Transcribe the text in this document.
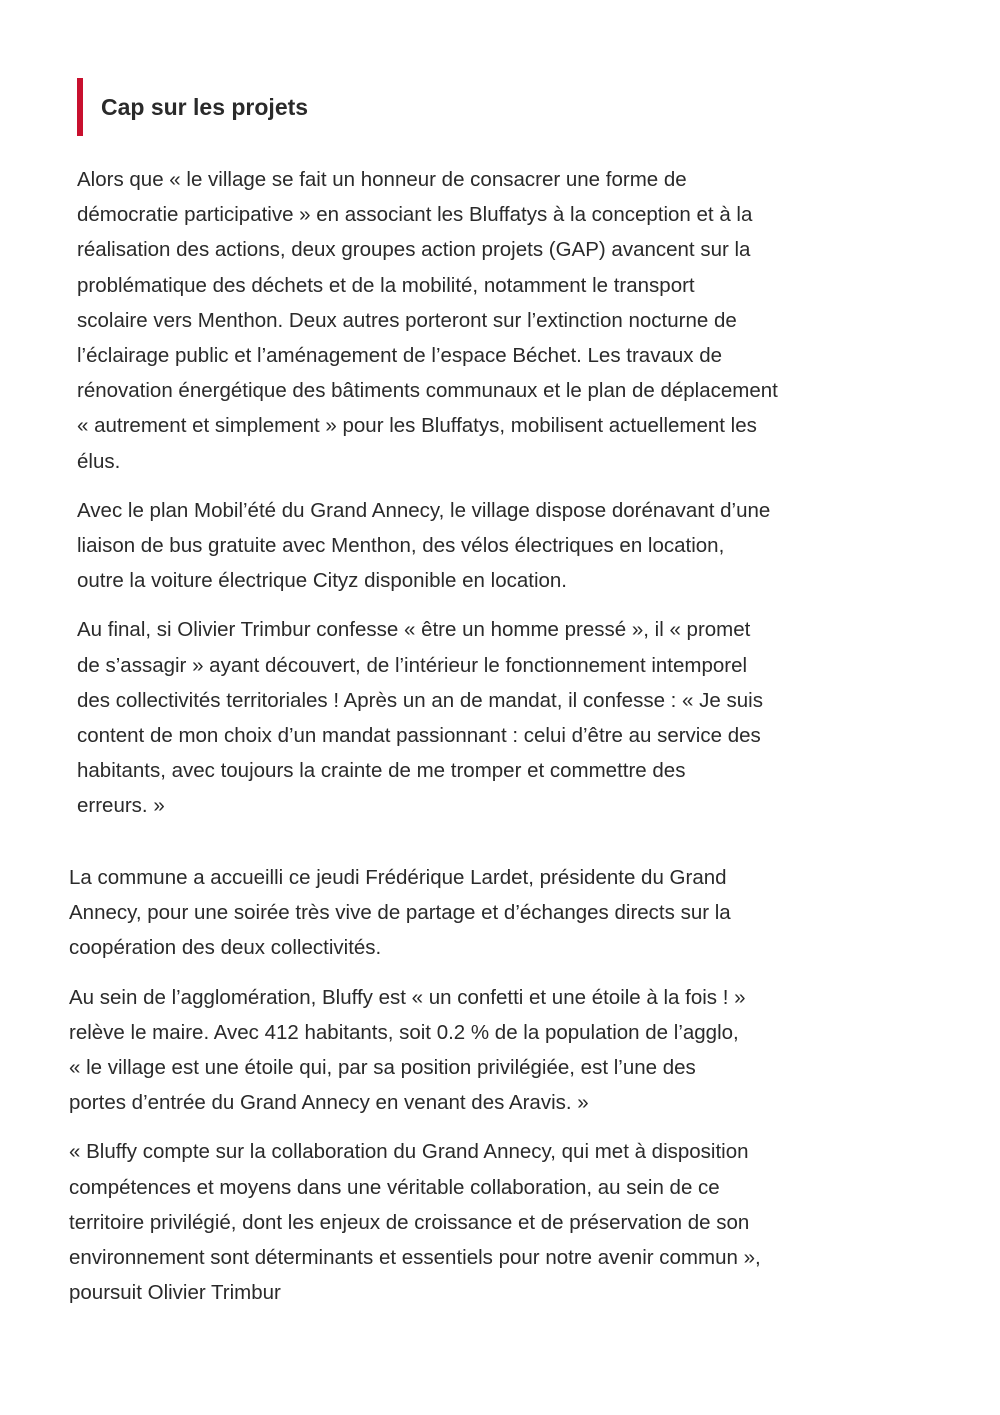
Cap sur les projets

Alors que « le village se fait un honneur de consacrer une forme de
démocratie participative » en associant les Bluffatys à la conception et à la
réalisation des actions, deux groupes action projets (GAP) avancent sur la
problématique des déchets et de la mobilité, notamment le transport
scolaire vers Menthon. Deux autres porteront sur l’extinction nocturne de
l’éclairage public et l’aménagement de l’espace Béchet. Les travaux de
rénovation énergétique des bâtiments communaux et le plan de déplacement
« autrement et simplement » pour les Bluffatys, mobilisent actuellement les
élus.

Avec le plan Mobil’été du Grand Annecy, le village dispose dorénavant d’une
liaison de bus gratuite avec Menthon, des vélos électriques en location,
outre la voiture électrique Cityz disponible en location.

Au final, si Olivier Trimbur confesse « être un homme pressé », il « promet
de s’assagir » ayant découvert, de l’intérieur le fonctionnement intemporel
des collectivités territoriales ! Après un an de mandat, il confesse : « Je suis
content de mon choix d’un mandat passionnant : celui d’être au service des
habitants, avec toujours la crainte de me tromper et commettre des
erreurs. »

La commune a accueilli ce jeudi Frédérique Lardet, présidente du Grand
Annecy, pour une soirée très vive de partage et d’échanges directs sur la
coopération des deux collectivités.

Au sein de l’agglomération, Bluffy est « un confetti et une étoile à la fois ! »
relève le maire. Avec 412 habitants, soit 0.2 % de la population de l’agglo,
« le village est une étoile qui, par sa position privilégiée, est l’une des
portes d’entrée du Grand Annecy en venant des Aravis. »

« Bluffy compte sur la collaboration du Grand Annecy, qui met à disposition
compétences et moyens dans une véritable collaboration, au sein de ce
territoire privilégié, dont les enjeux de croissance et de préservation de son
environnement sont déterminants et essentiels pour notre avenir commun »,
poursuit Olivier Trimbur
